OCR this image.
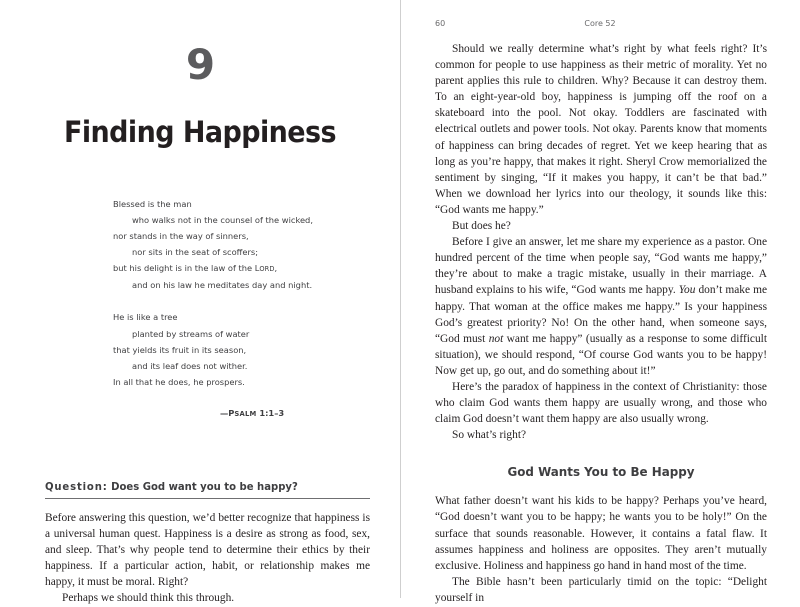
9
Finding Happiness
Blessed is the man
who walks not in the counsel of the wicked,
nor stands in the way of sinners,
nor sits in the seat of scoffers;
but his delight is in the law of the LORD,
and on his law he meditates day and night.
He is like a tree
planted by streams of water
that yields its fruit in its season,
and its leaf does not wither.
In all that he does, he prospers.
—PSALM 1:1–3
Question: Does God want you to be happy?

Before answering this question, we’d better recognize that happiness is a universal human quest. Happiness is a desire as strong as food, sex, and sleep. That’s why people tend to determine their ethics by their happiness. If a particular action, habit, or relationship makes me happy, it must be moral. Right?

Perhaps we should think this through.

60	Core 52

Should we really determine what’s right by what feels right? It’s common for people to use happiness as their metric of morality. Yet no parent applies this rule to children. Why? Because it can destroy them. To an eight-year-old boy, happiness is jumping off the roof on a skateboard into the pool. Not okay. Toddlers are fascinated with electrical outlets and power tools. Not okay. Parents know that moments of happiness can bring decades of regret. Yet we keep hearing that as long as you’re happy, that makes it right. Sheryl Crow memorialized the sentiment by singing, “If it makes you happy, it can’t be that bad.” When we download her lyrics into our theology, it sounds like this: “God wants me happy.”

But does he?

Before I give an answer, let me share my experience as a pastor. One hundred percent of the time when people say, “God wants me happy,” they’re about to make a tragic mistake, usually in their marriage. A husband explains to his wife, “God wants me happy. You don’t make me happy. That woman at the office makes me happy.” Is your happiness God’s greatest priority? No! On the other hand, when someone says, “God must not want me happy” (usually as a response to some difficult situation), we should respond, “Of course God wants you to be happy! Now get up, go out, and do something about it!”

Here’s the paradox of happiness in the context of Christianity: those who claim God wants them happy are usually wrong, and those who claim God doesn’t want them happy are also usually wrong.

So what’s right?

God Wants You to Be Happy

What father doesn’t want his kids to be happy? Perhaps you’ve heard, “God doesn’t want you to be happy; he wants you to be holy!” On the surface that sounds reasonable. However, it contains a fatal flaw. It assumes happiness and holiness are opposites. They aren’t mutually exclusive. Holiness and happiness go hand in hand most of the time.

The Bible hasn’t been particularly timid on the topic: “Delight yourself in
